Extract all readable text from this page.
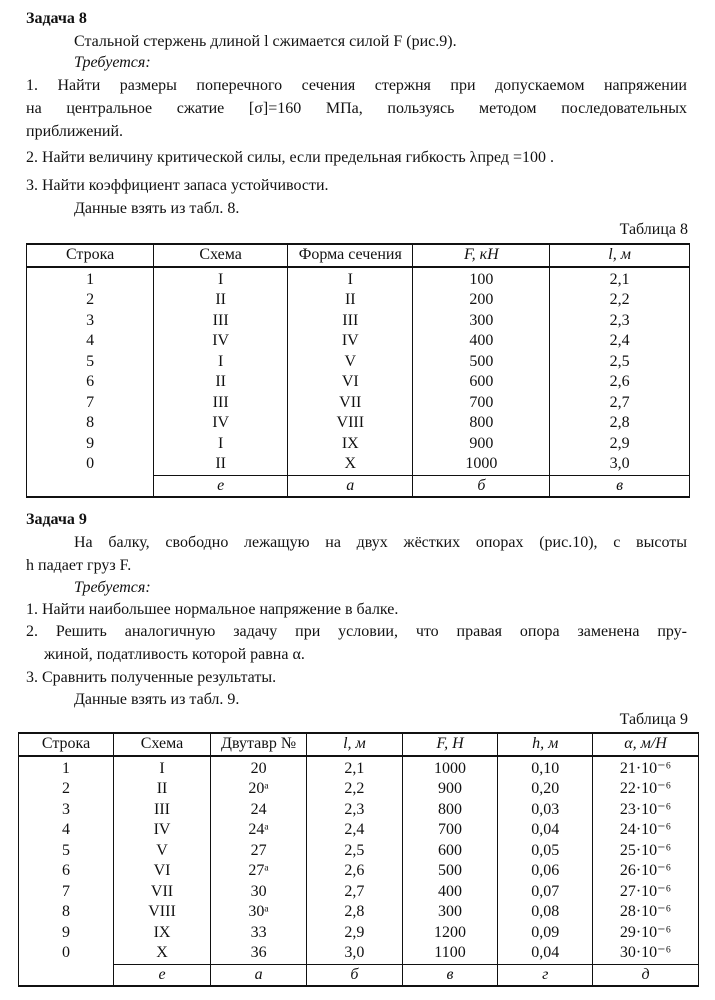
Задача 8
Стальной стержень длиной l сжимается силой F (рис.9).
Требуется:
1. Найти размеры поперечного сечения стержня при допускаемом напряжении
на центральное сжатие [σ]=160 МПа, пользуясь методом последовательных
приближений.
2. Найти величину критической силы, если предельная гибкость λпред =100 .
3. Найти коэффициент запаса устойчивости.
Данные взять из табл. 8.
Таблица 8
Строка	Схема	Форма сечения	F, кН	l, м
1	I	I	100	2,1
2	II	II	200	2,2
3	III	III	300	2,3
4	IV	IV	400	2,4
5	I	V	500	2,5
6	II	VI	600	2,6
7	III	VII	700	2,7
8	IV	VIII	800	2,8
9	I	IX	900	2,9
0	II	X	1000	3,0
	е	а	б	в
Задача 9
На балку, свободно лежащую на двух жёстких опорах (рис.10), с высоты
h падает груз F.
Требуется:
1. Найти наибольшее нормальное напряжение в балке.
2. Решить аналогичную задачу при условии, что правая опора заменена пру-
жиной, податливость которой равна α.
3. Сравнить полученные результаты.
Данные взять из табл. 9.
Таблица 9
Строка	Схема	Двутавр №	l, м	F, Н	h, м	α, м/Н
1	I	20	2,1	1000	0,10	21·10⁻⁶
2	II	20ᵃ	2,2	900	0,20	22·10⁻⁶
3	III	24	2,3	800	0,03	23·10⁻⁶
4	IV	24ᵃ	2,4	700	0,04	24·10⁻⁶
5	V	27	2,5	600	0,05	25·10⁻⁶
6	VI	27ᵃ	2,6	500	0,06	26·10⁻⁶
7	VII	30	2,7	400	0,07	27·10⁻⁶
8	VIII	30ᵃ	2,8	300	0,08	28·10⁻⁶
9	IX	33	2,9	1200	0,09	29·10⁻⁶
0	X	36	3,0	1100	0,04	30·10⁻⁶
	е	а	б	в	г	д
